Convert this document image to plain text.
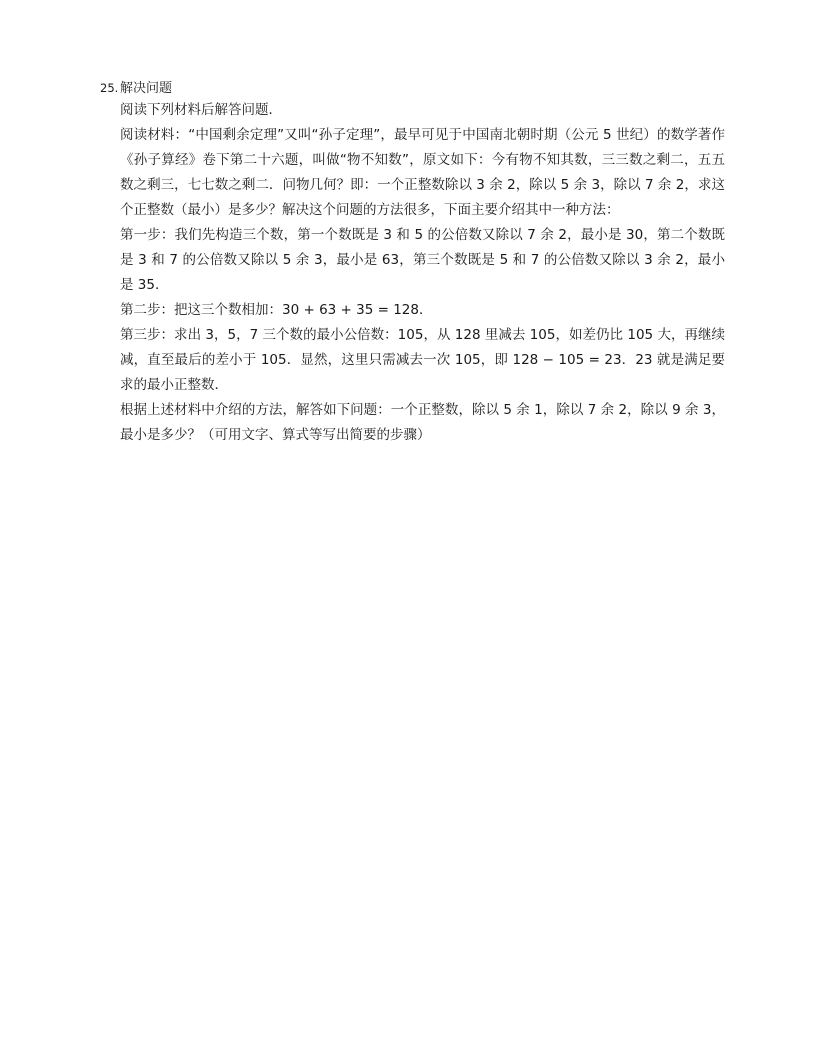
25. 解决问题

阅读下列材料后解答问题．

阅读材料：“中国剩余定理”又叫“孙子定理”，最早可见于中国南北朝时期（公元 5 世纪）的数学著作《孙子算经》卷下第二十六题，叫做“物不知数”，原文如下：今有物不知其数，三三数之剩二，五五数之剩三，七七数之剩二．问物几何？即：一个正整数除以 3 余 2，除以 5 余 3，除以 7 余 2，求这个正整数（最小）是多少？解决这个问题的方法很多，下面主要介绍其中一种方法：

第一步：我们先构造三个数，第一个数既是 3 和 5 的公倍数又除以 7 余 2，最小是 30，第二个数既是 3 和 7 的公倍数又除以 5 余 3，最小是 63，第三个数既是 5 和 7 的公倍数又除以 3 余 2，最小是 35．

第二步：把这三个数相加：30 + 63 + 35 = 128．

第三步：求出 3，5，7 三个数的最小公倍数：105，从 128 里减去 105，如差仍比 105 大，再继续减，直至最后的差小于 105．显然，这里只需减去一次 105，即 128 − 105 = 23．23 就是满足要求的最小正整数．

根据上述材料中介绍的方法，解答如下问题：一个正整数，除以 5 余 1，除以 7 余 2，除以 9 余 3，最小是多少？（可用文字、算式等写出简要的步骤）
